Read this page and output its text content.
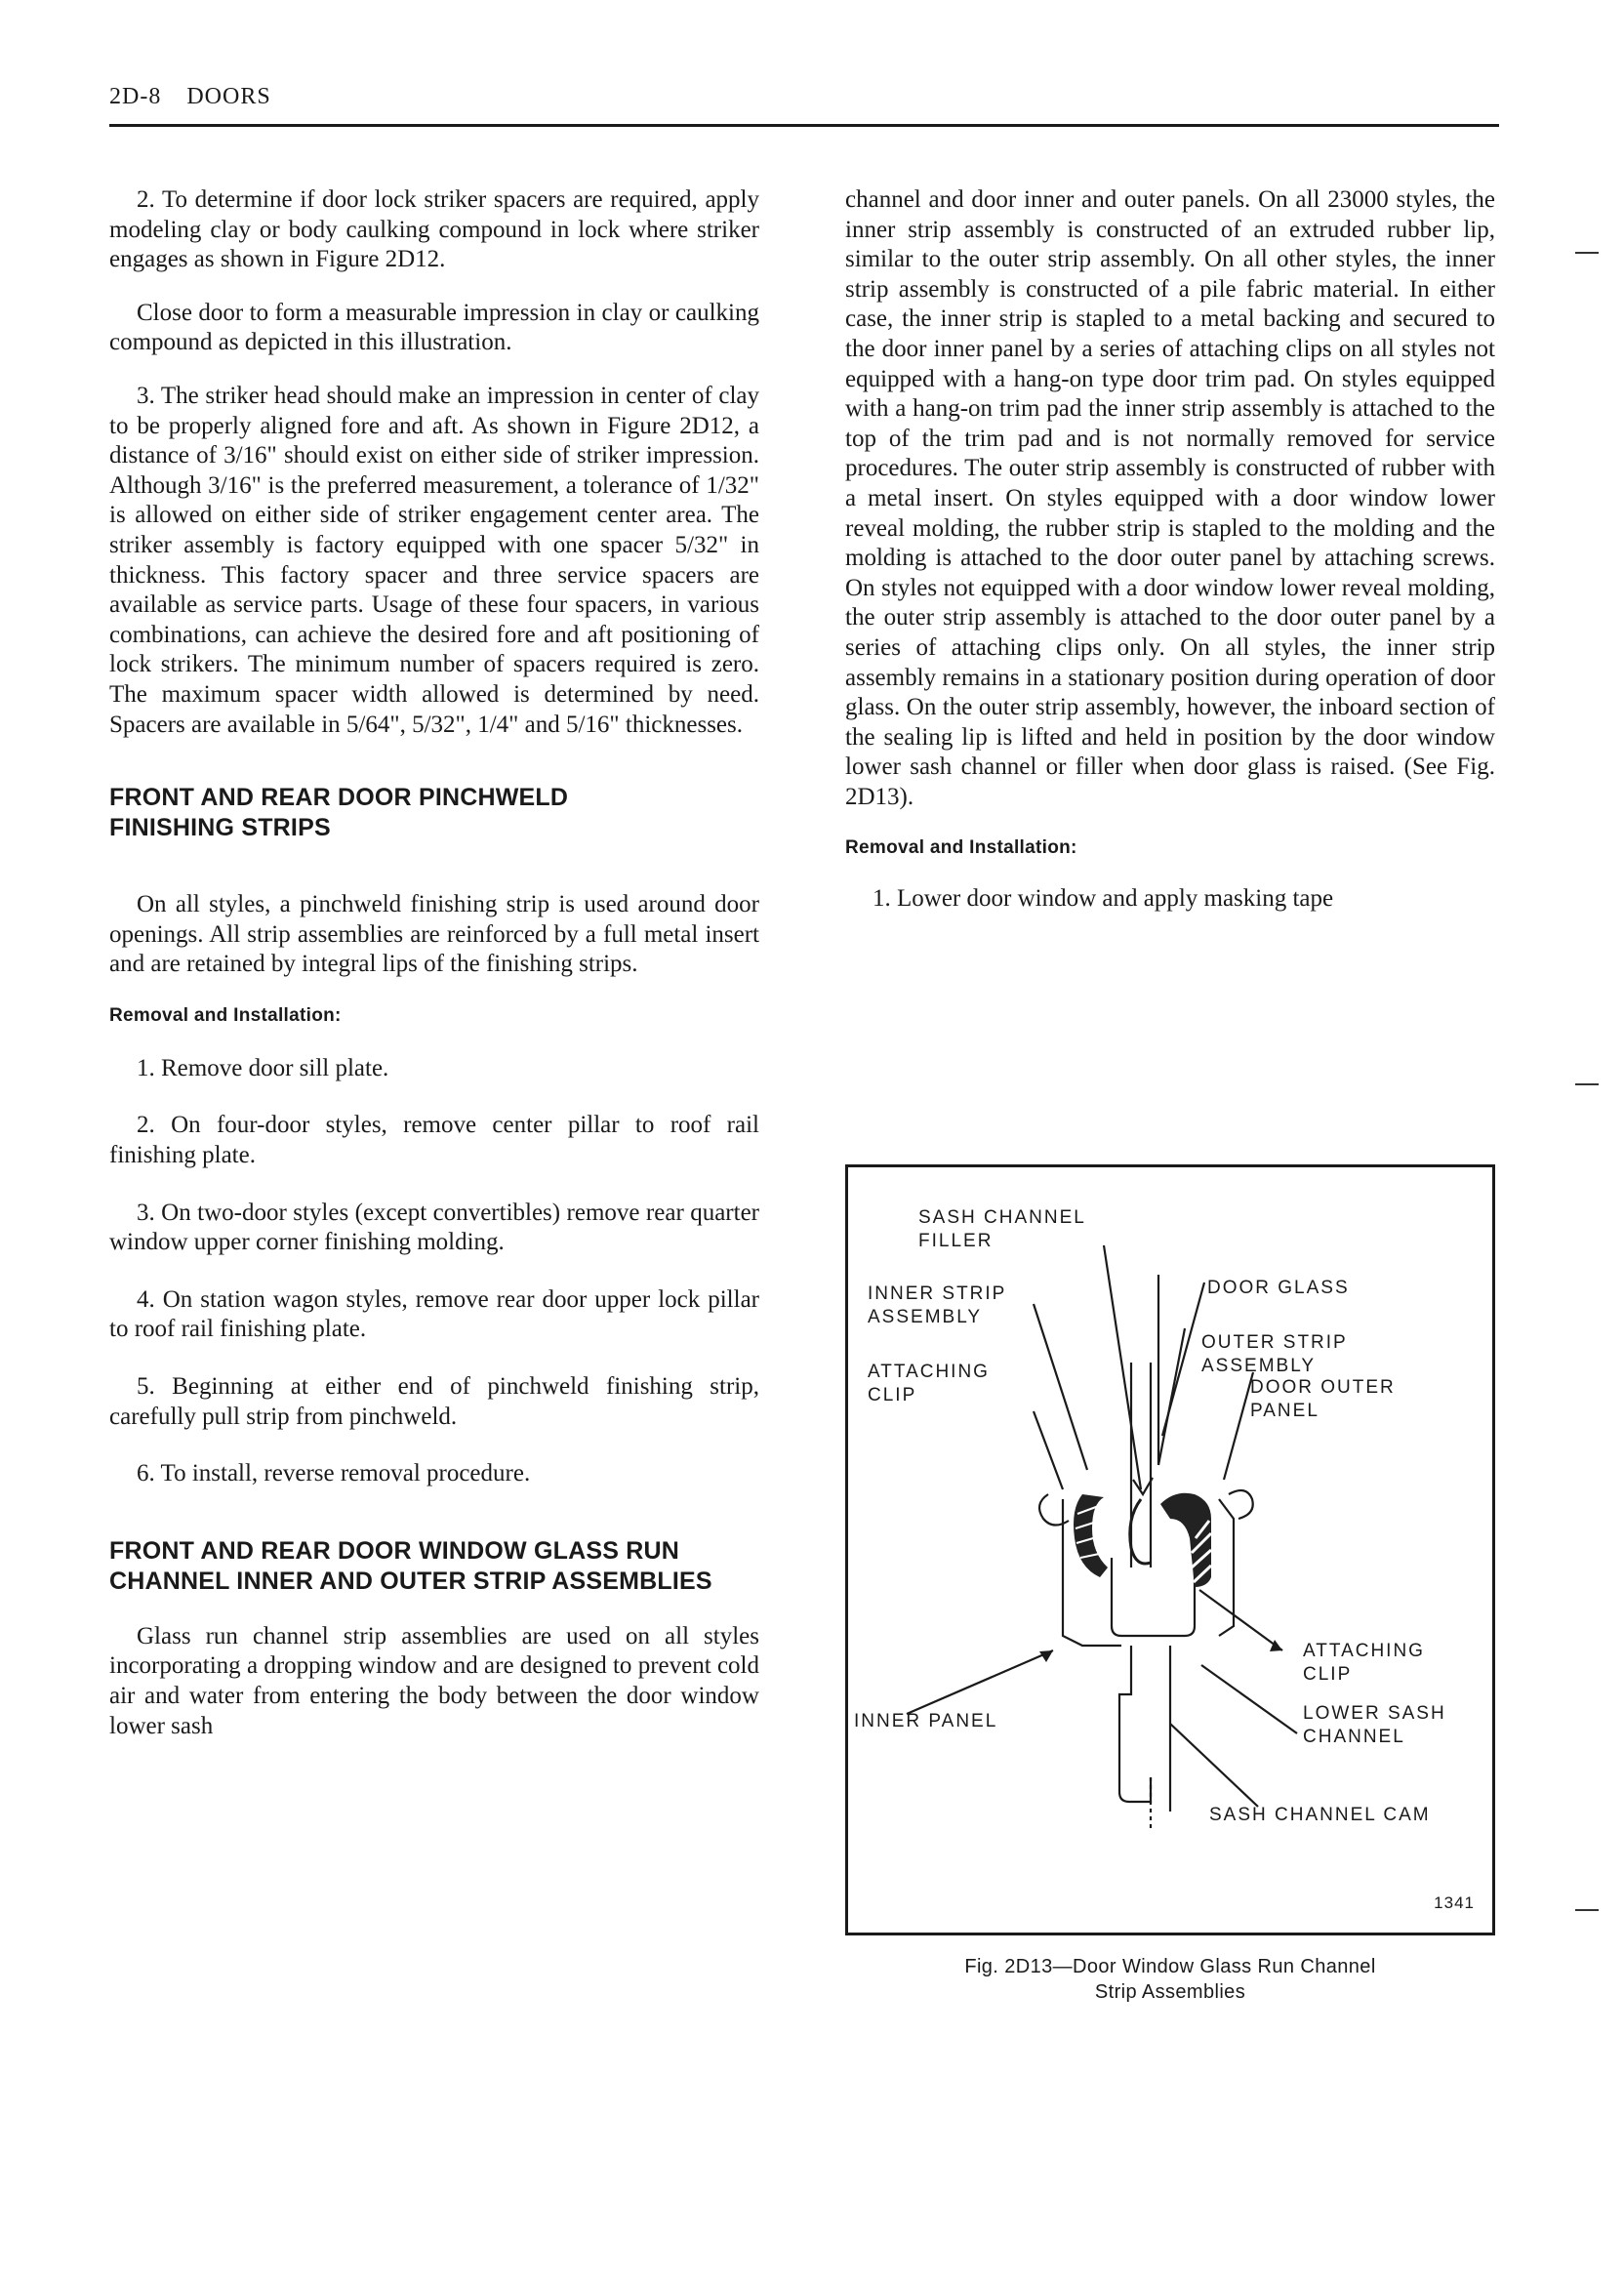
2D-8 DOORS

2. To determine if door lock striker spacers are required, apply modeling clay or body caulking compound in lock where striker engages as shown in Figure 2D12.

Close door to form a measurable impression in clay or caulking compound as depicted in this illustration.

3. The striker head should make an impression in center of clay to be properly aligned fore and aft. As shown in Figure 2D12, a distance of 3/16" should exist on either side of striker impression. Although 3/16" is the preferred measurement, a tolerance of 1/32" is allowed on either side of striker engagement center area. The striker assembly is factory equipped with one spacer 5/32" in thickness. This factory spacer and three service spacers are available as service parts. Usage of these four spacers, in various combinations, can achieve the desired fore and aft positioning of lock strikers. The minimum number of spacers required is zero. The maximum spacer width allowed is determined by need. Spacers are available in 5/64", 5/32", 1/4" and 5/16" thicknesses.

FRONT AND REAR DOOR PINCHWELD FINISHING STRIPS

On all styles, a pinchweld finishing strip is used around door openings. All strip assemblies are reinforced by a full metal insert and are retained by integral lips of the finishing strips.

Removal and Installation:

1. Remove door sill plate.

2. On four-door styles, remove center pillar to roof rail finishing plate.

3. On two-door styles (except convertibles) remove rear quarter window upper corner finishing molding.

4. On station wagon styles, remove rear door upper lock pillar to roof rail finishing plate.

5. Beginning at either end of pinchweld finishing strip, carefully pull strip from pinchweld.

6. To install, reverse removal procedure.

FRONT AND REAR DOOR WINDOW GLASS RUN CHANNEL INNER AND OUTER STRIP ASSEMBLIES

Glass run channel strip assemblies are used on all styles incorporating a dropping window and are designed to prevent cold air and water from entering the body between the door window lower sash

channel and door inner and outer panels. On all 23000 styles, the inner strip assembly is constructed of an extruded rubber lip, similar to the outer strip assembly. On all other styles, the inner strip assembly is constructed of a pile fabric material. In either case, the inner strip is stapled to a metal backing and secured to the door inner panel by a series of attaching clips on all styles not equipped with a hang-on type door trim pad. On styles equipped with a hang-on trim pad the inner strip assembly is attached to the top of the trim pad and is not normally removed for service procedures. The outer strip assembly is constructed of rubber with a metal insert. On styles equipped with a door window lower reveal molding, the rubber strip is stapled to the molding and the molding is attached to the door outer panel by attaching screws. On styles not equipped with a door window lower reveal molding, the outer strip assembly is attached to the door outer panel by a series of attaching clips only. On all styles, the inner strip assembly remains in a stationary position during operation of door glass. On the outer strip assembly, however, the inboard section of the sealing lip is lifted and held in position by the door window lower sash channel or filler when door glass is raised. (See Fig. 2D13).

Removal and Installation:

1. Lower door window and apply masking tape

SASH CHANNEL
FILLER
INNER STRIP
ASSEMBLY
DOOR GLASS
OUTER STRIP
ASSEMBLY
ATTACHING
CLIP	DOOR OUTER
PANEL
ATTACHING
CLIP
INNER PANEL	LOWER SASH
CHANNEL
SASH CHANNEL CAM
1341
Fig. 2D13—Door Window Glass Run Channel
Strip Assemblies
